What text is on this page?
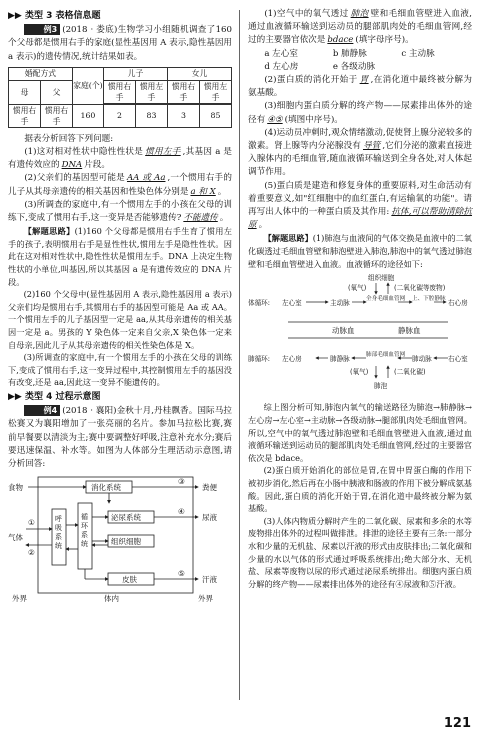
▶▶ 类型 3 表格信息题

例3 (2018 · 娄底)生物学习小组随机调查了160 个父母都是惯用右手的家庭(显性基因用 A 表示,隐性基因用 a 表示)的遗传情况,统计结果如表。

婚配方式		家庭(个)	儿子		女儿	
母	父		惯用右手	惯用左手	惯用右手	惯用左手

惯用右手	惯用右手	160	2	83	3	85

据表分析回答下列问题:

(1)这对相对性状中隐性性状是 惯用左手 ,其基因 a 是有遗传效应的 DNA 片段。

(2)父亲们的基因型可能是 AA 或 Aa ,一个惯用右手的儿子从其母亲遗传的相关基因和性染色体分别是 a 和 X 。

(3)所调查的家庭中,有一个惯用左手的小孩在父母的训练下,变成了惯用右手,这一变异是否能够遗传? 不能遗传 。

【解题思路】(1)160 个父母都是惯用右手生育了惯用左手的孩子,表明惯用右手是显性性状,惯用左手是隐性性状。因此在这对相对性状中,隐性性状是惯用左手。DNA 上决定生物性状的小单位,叫基因,所以其基因 a 是有遗传效应的 DNA 片段。

(2)160 个父母中(显性基因用 A 表示,隐性基因用 a 表示)父亲们均是惯用右手,其惯用右手的基因型可能是 Aa 或 AA。一个惯用左手的儿子基因型一定是 aa,从其母亲遗传的相关基因一定是 a。男孩的 Y 染色体一定来自父亲,X 染色体一定来自母亲,因此儿子从其母亲遗传的相关性染色体是 X。

(3)所调查的家庭中,有一个惯用左手的小孩在父母的训练下,变成了惯用右手,这一变异过程中,其控制惯用左手的基因没有改变,还是 aa,因此这一变异不能遗传的。

▶▶ 类型 4 过程示意图

例4 (2018 · 襄阳)金秋十月,丹桂飘香。国际马拉松赛又为襄阳增加了一张亮丽的名片。参加马拉松比赛,赛前早餐要以清淡为主;赛中要调整好呼吸,注意补充水分;赛后要迅速保温、补水等。如图为人体部分生理活动示意图,请分析回答:

食物
气体
消化系统
泌尿系统
组织细胞
皮肤
粪便
尿液
汗液
①
②
③
④
⑤
外界	体内	外界
呼吸系统
循环系统

(1)空气中的氧气透过 肺泡 壁和毛细血管壁进入血液,通过血液循环输送到运动员的腿部肌肉处的毛细血管网,经过的主要器官依次是 bdace (填字母序号)。

a 左心室	b 肺静脉	c 主动脉
d 左心房	e 各级动脉

(2)蛋白质的消化开始于 胃 ,在消化道中最终被分解为氨基酸。

(3)细胞内蛋白质分解的终产物——尿素排出体外的途径有 ④⑤ (填图中序号)。

(4)运动员冲刺时,观众情绪激动,促使肾上腺分泌较多的激素。肾上腺等内分泌腺没有 导管 ,它们分泌的激素直接进入腺体内的毛细血管,随血液循环输送到全身各处,对人体起调节作用。

(5)蛋白质是建造和修复身体的重要原料,对生命活动有着重要意义,如"红细胞中的血红蛋白,有运输氧的功能"。请再写出人体中的一种蛋白质及其作用: 抗体,可以帮助清除抗原 。

【解题思路】(1)肺泡与血液间的气体交换是血液中的二氧化碳透过毛细血管壁和肺泡壁进入肺泡,肺泡中的氧气透过肺泡壁和毛细血管壁进入血液。血液循环的途径如下:

组织细胞
(氧气)	(二氧化碳等废物)
体循环: 左心室	主动脉	全身毛细血管网 上、下腔静脉 右心房
动脉血	静脉血
肺循环: 左心房	肺静脉	肺部毛细血管网 肺动脉 右心室
(氧气)	(二氧化碳)
肺泡

综上图分析可知,肺泡内氧气的输送路径为肺泡→肺静脉→左心房→左心室→主动脉→各级动脉→腿部肌肉处毛细血管网。所以,空气中的氧气透过肺泡壁和毛细血管壁进入血液,通过血液循环输送到运动员的腿部肌肉处毛细血管网,经过的主要器官依次是 bdace。

(2)蛋白质开始消化的部位是胃,在胃中胃蛋白酶的作用下被初步消化,然后再在小肠中胰液和肠液的作用下被分解成氨基酸。因此,蛋白质的消化开始于胃,在消化道中最终被分解为氨基酸。

(3)人体内物质分解时产生的二氧化碳、尿素和多余的水等废物排出体外的过程叫做排泄。排泄的途径主要有三条:一部分水和少量的无机盐、尿素以汗液的形式由皮肤排出;二氧化碳和少量的水以气体的形式通过呼吸系统排出;绝大部分水、无机盐、尿素等废物以尿的形式通过泌尿系统排出。细胞内蛋白质分解的终产物——尿素排出体外的途径有④尿液和⑤汗液。

121
